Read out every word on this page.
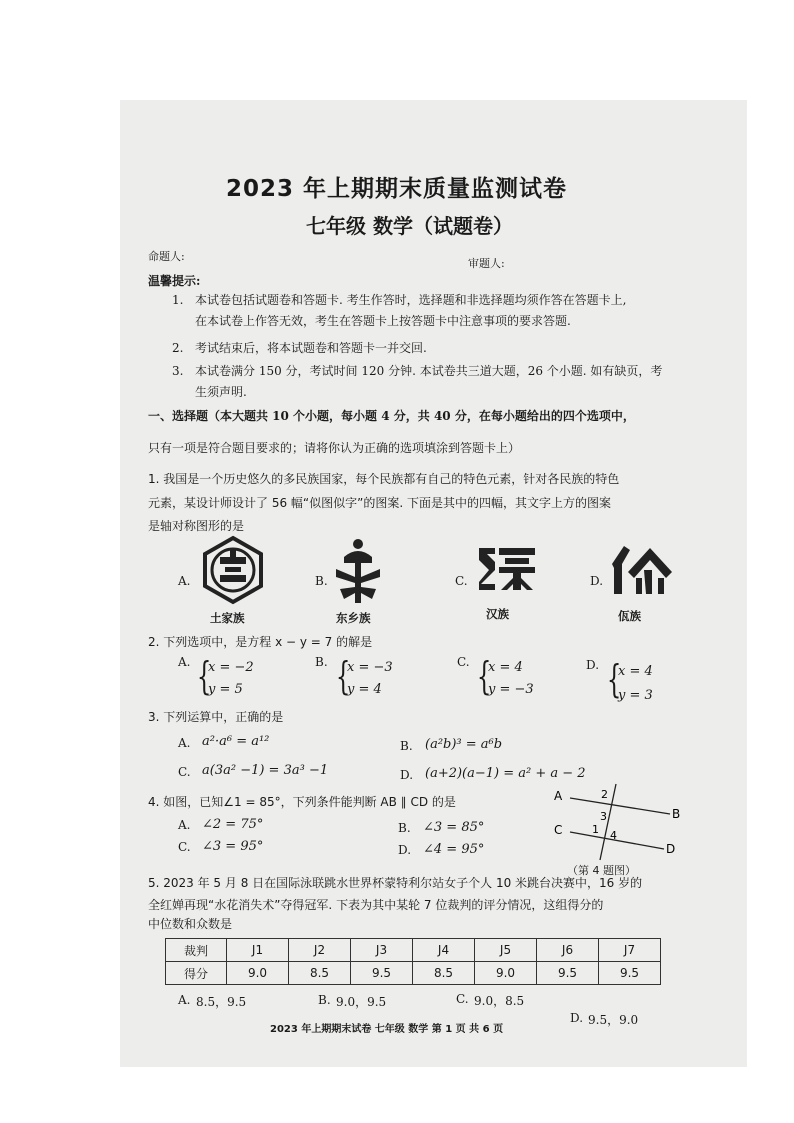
2023 年上期期末质量监测试卷
七年级 数学（试题卷）
命题人:
审题人:
温馨提示:
1. 本试卷包括试题卷和答题卡. 考生作答时，选择题和非选择题均须作答在答题卡上,
在本试卷上作答无效，考生在答题卡上按答题卡中注意事项的要求答题.
2. 考试结束后，将本试题卷和答题卡一并交回.
3. 本试卷满分 150 分，考试时间 120 分钟. 本试卷共三道大题，26 个小题. 如有缺页，考
生须声明.
一、选择题（本大题共 10 个小题，每小题 4 分，共 40 分，在每小题给出的四个选项中，
只有一项是符合题目要求的；请将你认为正确的选项填涂到答题卡上）
1. 我国是一个历史悠久的多民族国家，每个民族都有自己的特色元素，针对各民族的特色
元素，某设计师设计了 56 幅“似图似字”的图案. 下面是其中的四幅，其文字上方的图案
是轴对称图形的是
A.
土家族
B.
东乡族
C.
汉族
D.
佤族
2. 下列选项中，是方程 x − y = 7 的解是
A. {
x = −2
y = 5
B. {
x = −3
y = 4
C. {
x = 4
y = −3
D. {
x = 4
y = 3
3. 下列运算中，正确的是
A. a²·a⁶ = a¹²	B. (a²b)³ = a⁶b
C. a(3a² −1) = 3a³ −1	D. (a+2)(a−1) = a² + a − 2
4. 如图，已知∠1 = 85°，下列条件能判断 AB ∥ CD 的是
A. ∠2 = 75°	B. ∠3 = 85°
C. ∠3 = 95°	D. ∠4 = 95°
A
B
C
D
2
3
1 4
（第 4 题图）
5. 2023 年 5 月 8 日在国际泳联跳水世界杯蒙特利尔站女子个人 10 米跳台决赛中，16 岁的
全红婵再现“水花消失术”夺得冠军. 下表为其中某轮 7 位裁判的评分情况，这组得分的
中位数和众数是
裁判	J1	J2	J3	J4	J5	J6	J7
得分	9.0	8.5	9.5	8.5	9.0	9.5	9.5
A. 8.5，9.5	B. 9.0，9.5	C. 9.0，8.5
D. 9.5，9.0
2023 年上期期末试卷 七年级 数学 第 1 页 共 6 页
